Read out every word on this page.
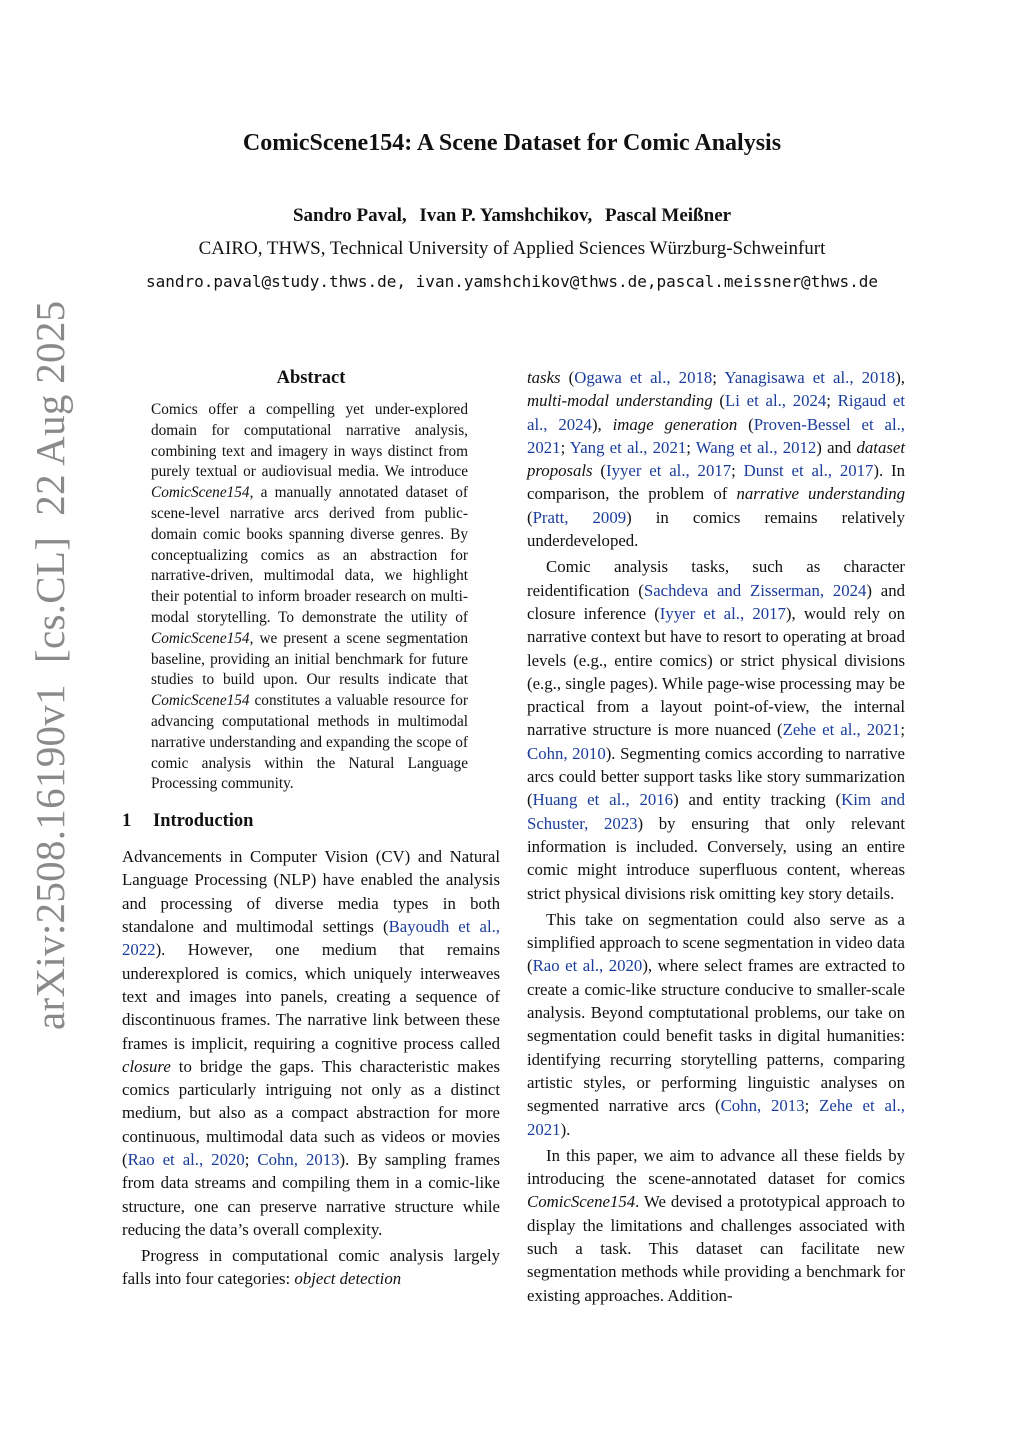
arXiv:2508.16190v1  [cs.CL]  22 Aug 2025
ComicScene154: A Scene Dataset for Comic Analysis
Sandro Paval, Ivan P. Yamshchikov, Pascal Meißner
CAIRO, THWS, Technical University of Applied Sciences Würzburg-Schweinfurt
sandro.paval@study.thws.de, ivan.yamshchikov@thws.de,pascal.meissner@thws.de
Abstract
Comics offer a compelling yet under-explored domain for computational narrative analysis, combining text and imagery in ways distinct from purely textual or audiovisual media. We introduce ComicScene154, a manually annotated dataset of scene-level narrative arcs derived from public-domain comic books spanning diverse genres. By conceptualizing comics as an abstraction for narrative-driven, multimodal data, we highlight their potential to inform broader research on multi-modal storytelling. To demonstrate the utility of ComicScene154, we present a scene segmentation baseline, providing an initial benchmark for future studies to build upon. Our results indicate that ComicScene154 constitutes a valuable resource for advancing computational methods in multimodal narrative understanding and expanding the scope of comic analysis within the Natural Language Processing community.
1 Introduction

Advancements in Computer Vision (CV) and Natural Language Processing (NLP) have enabled the analysis and processing of diverse media types in both standalone and multimodal settings (Bayoudh et al., 2022). However, one medium that remains underexplored is comics, which uniquely interweaves text and images into panels, creating a sequence of discontinuous frames. The narrative link between these frames is implicit, requiring a cognitive process called closure to bridge the gaps. This characteristic makes comics particularly intriguing not only as a distinct medium, but also as a compact abstraction for more continuous, multimodal data such as videos or movies (Rao et al., 2020; Cohn, 2013). By sampling frames from data streams and compiling them in a comic-like structure, one can preserve narrative structure while reducing the data’s overall complexity.

Progress in computational comic analysis largely falls into four categories: object detection

tasks (Ogawa et al., 2018; Yanagisawa et al., 2018), multi-modal understanding (Li et al., 2024; Rigaud et al., 2024), image generation (Proven-Bessel et al., 2021; Yang et al., 2021; Wang et al., 2012) and dataset proposals (Iyyer et al., 2017; Dunst et al., 2017). In comparison, the problem of narrative understanding (Pratt, 2009) in comics remains relatively underdeveloped.

Comic analysis tasks, such as character reidentification (Sachdeva and Zisserman, 2024) and closure inference (Iyyer et al., 2017), would rely on narrative context but have to resort to operating at broad levels (e.g., entire comics) or strict physical divisions (e.g., single pages). While page-wise processing may be practical from a layout point-of-view, the internal narrative structure is more nuanced (Zehe et al., 2021; Cohn, 2010). Segmenting comics according to narrative arcs could better support tasks like story summarization (Huang et al., 2016) and entity tracking (Kim and Schuster, 2023) by ensuring that only relevant information is included. Conversely, using an entire comic might introduce superfluous content, whereas strict physical divisions risk omitting key story details.

This take on segmentation could also serve as a simplified approach to scene segmentation in video data (Rao et al., 2020), where select frames are extracted to create a comic-like structure conducive to smaller-scale analysis. Beyond comptutational problems, our take on segmentation could benefit tasks in digital humanities: identifying recurring storytelling patterns, comparing artistic styles, or performing linguistic analyses on segmented narrative arcs (Cohn, 2013; Zehe et al., 2021).

In this paper, we aim to advance all these fields by introducing the scene-annotated dataset for comics ComicScene154. We devised a prototypical approach to display the limitations and challenges associated with such a task. This dataset can facilitate new segmentation methods while providing a benchmark for existing approaches. Addition-
